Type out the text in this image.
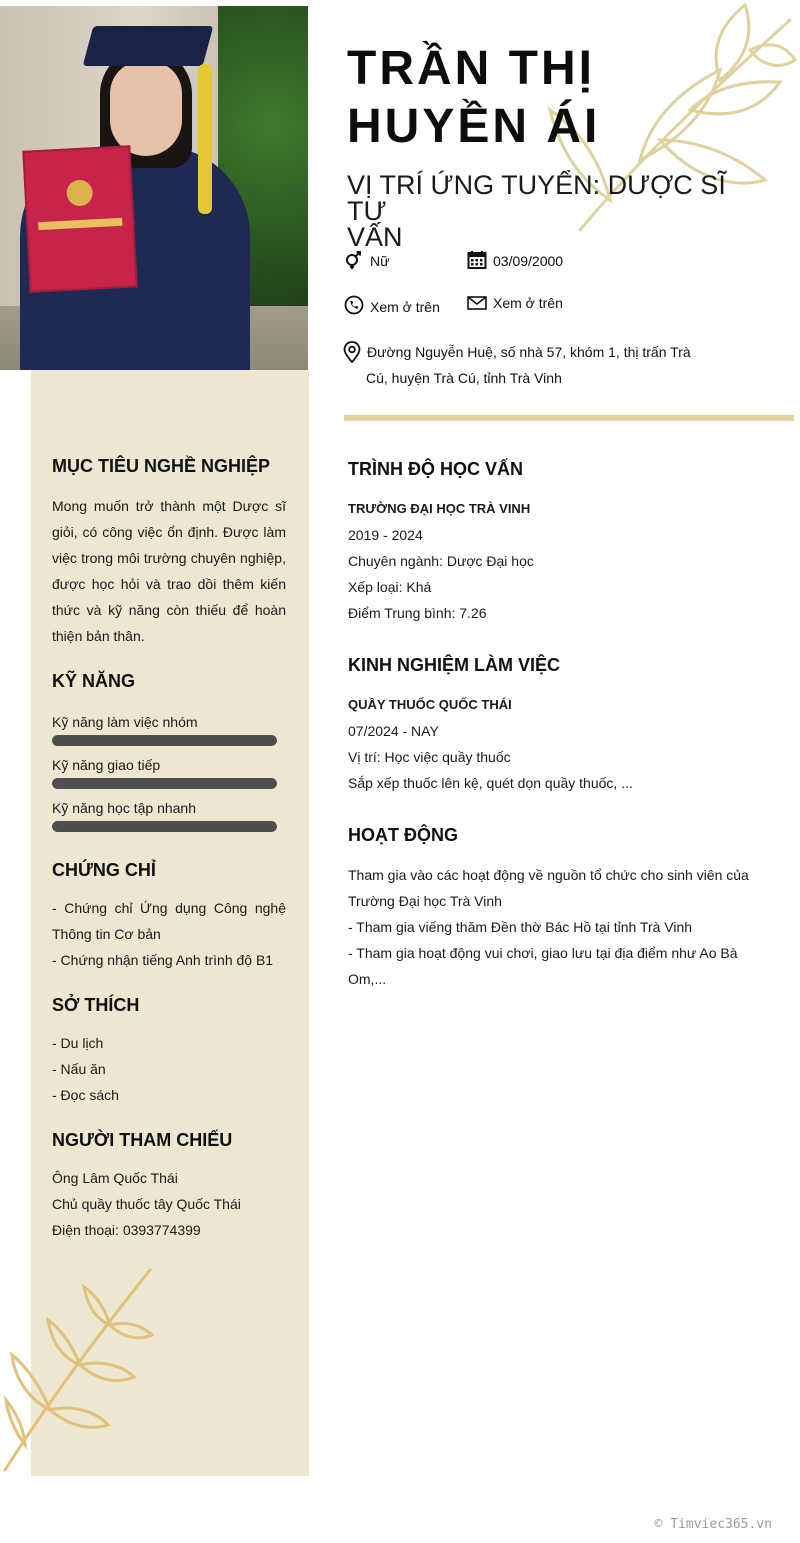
TRẦN THỊ
HUYỀN ÁI
VỊ TRÍ ỨNG TUYỂN: DƯỢC SĨ TƯ
VẤN
Nữ	03/09/2000
Xem ở trên	Xem ở trên
Đường Nguyễn Huệ, số nhà 57, khóm 1, thị trấn Trà
Cú, huyện Trà Cú, tỉnh Trà Vinh
MỤC TIÊU NGHỀ NGHIỆP
Mong muốn trở thành một Dược sĩ
giỏi, có công việc ổn định. Được làm
việc trong môi trường chuyên nghiệp,
được học hỏi và trao dồi thêm kiến
thức và kỹ năng còn thiếu để hoàn
thiện bản thân.
KỸ NĂNG
Kỹ năng làm việc nhóm
Kỹ năng giao tiếp
Kỹ năng học tập nhanh
CHỨNG CHỈ
- Chứng chỉ Ứng dụng Công nghệ
Thông tin Cơ bản
- Chứng nhận tiếng Anh trình độ B1
SỞ THÍCH
- Du lịch
- Nấu ăn
- Đọc sách
NGƯỜI THAM CHIẾU
Ông Lâm Quốc Thái
Chủ quầy thuốc tây Quốc Thái
Điện thoại: 0393774399
TRÌNH ĐỘ HỌC VẤN
TRƯỜNG ĐẠI HỌC TRÀ VINH
2019 - 2024
Chuyên ngành: Dược Đại học
Xếp loại: Khá
Điểm Trung bình: 7.26
KINH NGHIỆM LÀM VIỆC
QUẦY THUỐC QUỐC THÁI
07/2024 - NAY
Vị trí: Học việc quầy thuốc
Sắp xếp thuốc lên kệ, quét dọn quầy thuốc, ...
HOẠT ĐỘNG
Tham gia vào các hoạt động về nguồn tổ chức cho sinh viên của
Trường Đại học Trà Vinh
- Tham gia viếng thăm Đền thờ Bác Hồ tại tỉnh Trà Vinh
- Tham gia hoạt động vui chơi, giao lưu tại địa điểm như Ao Bà
Om,...
© Timviec365.vn
